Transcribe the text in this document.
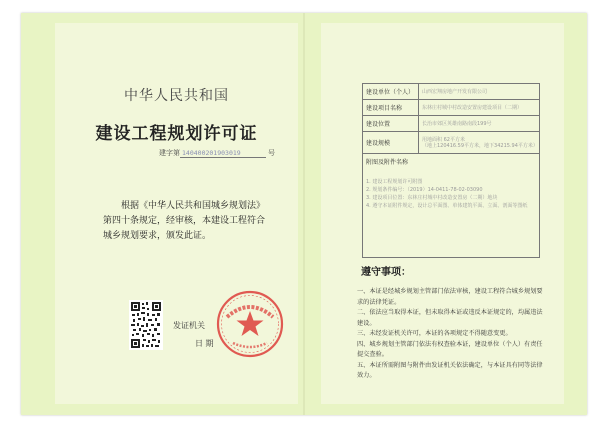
中华人民共和国
建设工程规划许可证
建字第 140400201903019	号

根据《中华人民共和国城乡规划法》第四十条规定，经审核，本建设工程符合城乡规划要求，颁发此证。

发证机关
日 期
建设单位（个人）	山西宏翔房地产开发有限公司
建设项目名称	东林庄村城中村改造安置房建设项目（二期）
建设位置	长治市郊区英雄南路南段199号
建设规模	用地面积 62平方米
（地上120416.59平方米，地下34215.94平方米）

附图及附件名称
1. 建设工程规划许可附图
2. 规划条件编号：（2019）14-0411-78-02-03090
3. 建设项目位置：东林庄村城中村改造安置房（二期）地块
4. 遵守本证附件规定，设计总平面图、单体建筑平面、立面、剖面等图纸	
遵守事项：
一、本证是经城乡规划主管部门依法审核，建设工程符合城乡规划要求的法律凭证。
二、依法应当取得本证，但未取得本证或违反本证规定的，均属违法建设。
三、未经发证机关许可，本证的各项规定不得随意变更。
四、城乡规划主管部门依法有权查验本证，建设单位（个人）有责任提交查验。
五、本证所需附图与附件由发证机关依法确定，与本证具有同等法律效力。
